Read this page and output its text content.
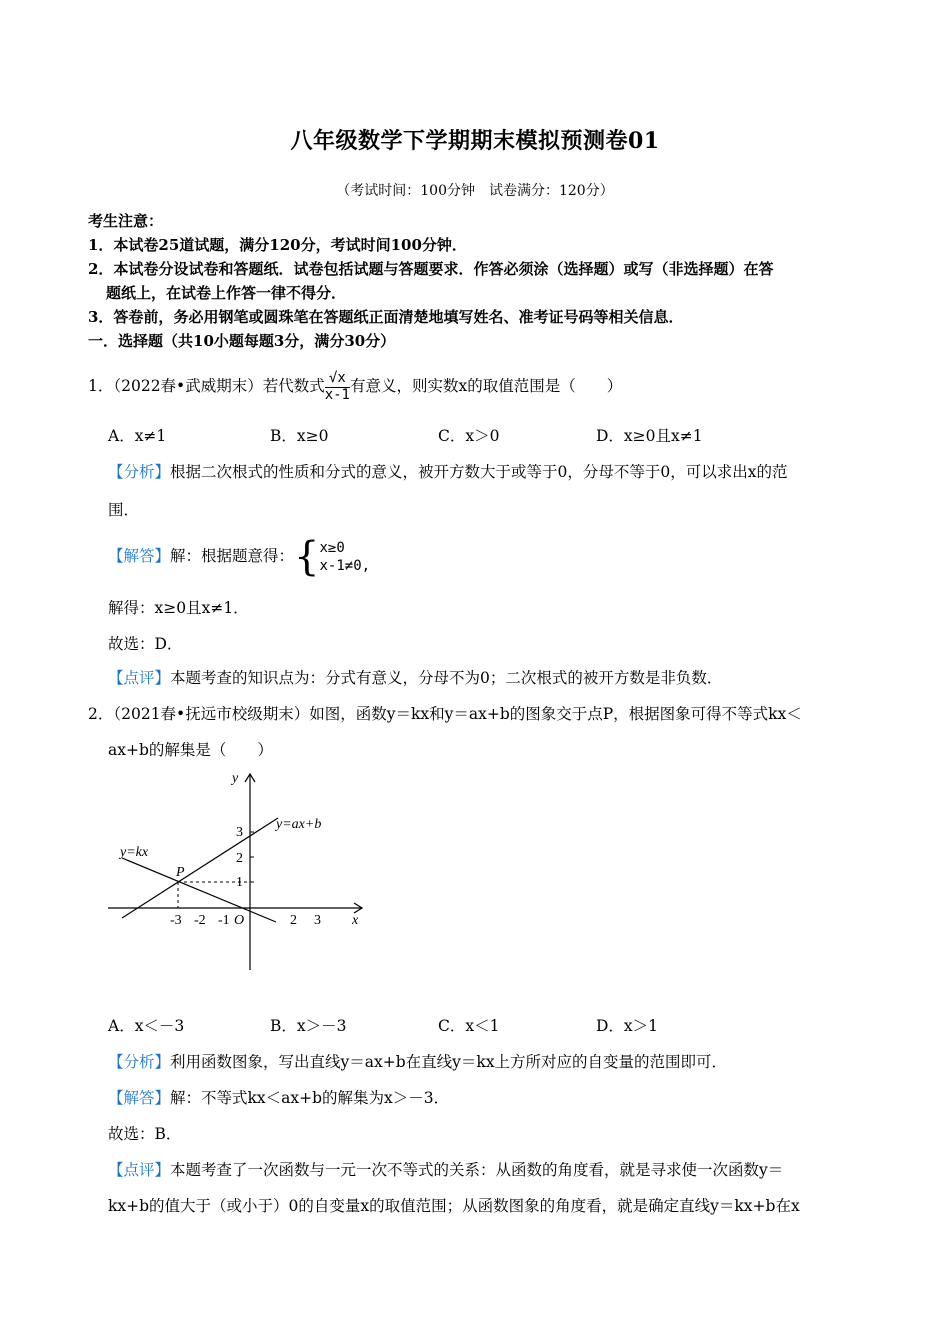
八年级数学下学期期末模拟预测卷01
（考试时间：100分钟　试卷满分：120分）
考生注意：
1．本试卷25道试题，满分120分，考试时间100分钟．
2．本试卷分设试卷和答题纸．试卷包括试题与答题要求．作答必须涂（选择题）或写（非选择题）在答
题纸上，在试卷上作答一律不得分．
3．答卷前，务必用钢笔或圆珠笔在答题纸正面清楚地填写姓名、准考证号码等相关信息．
一．选择题（共10小题每题3分，满分30分）
1．（2022春•武威期末）若代数式 $\frac{√x}{x-1}$ 有意义，则实数x的取值范围是（　　）
A．x≠1	B．x≥0	C．x＞0	D．x≥0且x≠1
【分析】根据二次根式的性质和分式的意义，被开方数大于或等于0，分母不等于0，可以求出x的范
围．
【解答】解：根据题意得：{ x≥0
x-1≠0,
解得：x≥0且x≠1．
故选：D．
【点评】本题考查的知识点为：分式有意义，分母不为0；二次根式的被开方数是非负数．
2．（2021春•抚远市校级期末）如图，函数y＝kx和y＝ax+b的图象交于点P，根据图象可得不等式kx＜
ax+b的解集是（　　）
y
x
O
P
y=ax+b
y=kx
-3 -2 -1	2 3
3
2
1
A．x＜－3	B．x＞－3	C．x＜1	D．x＞1
【分析】利用函数图象，写出直线y＝ax+b在直线y＝kx上方所对应的自变量的范围即可．
【解答】解：不等式kx＜ax+b的解集为x＞－3．
故选：B．
【点评】本题考查了一次函数与一元一次不等式的关系：从函数的角度看，就是寻求使一次函数y＝
kx+b的值大于（或小于）0的自变量x的取值范围；从函数图象的角度看，就是确定直线y＝kx+b在x
